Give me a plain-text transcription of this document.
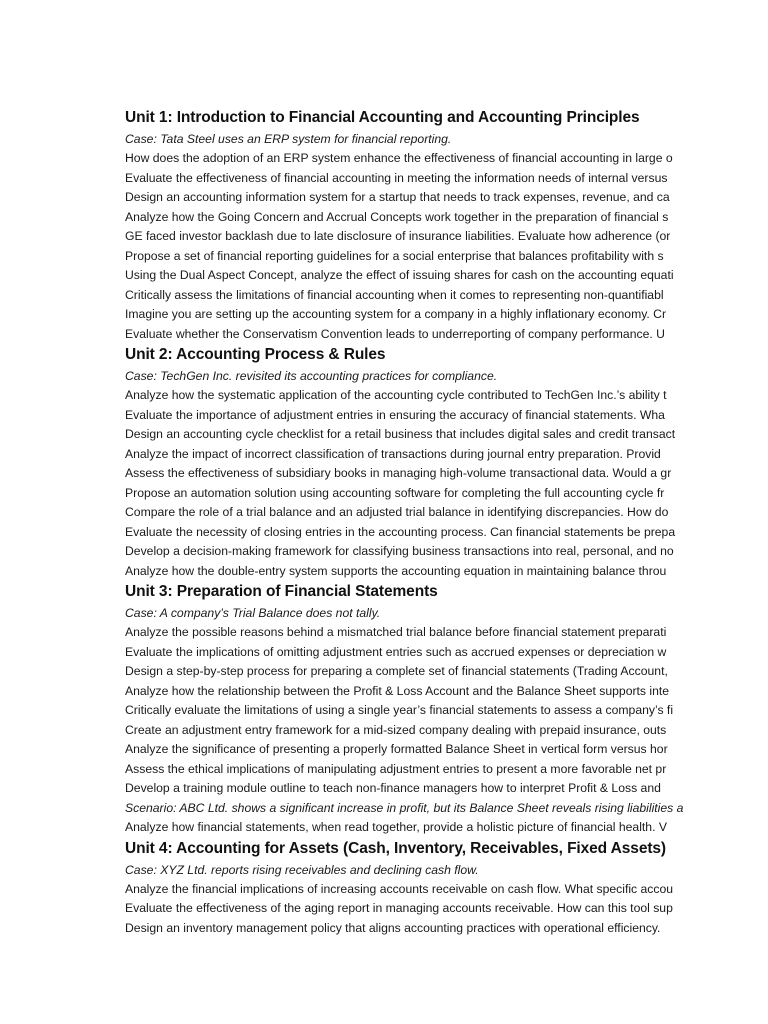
Unit 1: Introduction to Financial Accounting and Accounting Principles
Case: Tata Steel uses an ERP system for financial reporting.
How does the adoption of an ERP system enhance the effectiveness of financial accounting in large o
Evaluate the effectiveness of financial accounting in meeting the information needs of internal versus
Design an accounting information system for a startup that needs to track expenses, revenue, and ca
Analyze how the Going Concern and Accrual Concepts work together in the preparation of financial s
GE faced investor backlash due to late disclosure of insurance liabilities. Evaluate how adherence (or
Propose a set of financial reporting guidelines for a social enterprise that balances profitability with s
Using the Dual Aspect Concept, analyze the effect of issuing shares for cash on the accounting equati
Critically assess the limitations of financial accounting when it comes to representing non-quantifiabl
Imagine you are setting up the accounting system for a company in a highly inflationary economy. Cr
Evaluate whether the Conservatism Convention leads to underreporting of company performance. U
Unit 2: Accounting Process & Rules
Case: TechGen Inc. revisited its accounting practices for compliance.
Analyze how the systematic application of the accounting cycle contributed to TechGen Inc.’s ability t
Evaluate the importance of adjustment entries in ensuring the accuracy of financial statements. Wha
Design an accounting cycle checklist for a retail business that includes digital sales and credit transact
Analyze the impact of incorrect classification of transactions during journal entry preparation. Provid
Assess the effectiveness of subsidiary books in managing high-volume transactional data. Would a gr
Propose an automation solution using accounting software for completing the full accounting cycle fr
Compare the role of a trial balance and an adjusted trial balance in identifying discrepancies. How do
Evaluate the necessity of closing entries in the accounting process. Can financial statements be prepa
Develop a decision-making framework for classifying business transactions into real, personal, and no
Analyze how the double-entry system supports the accounting equation in maintaining balance throu
Unit 3: Preparation of Financial Statements
Case: A company’s Trial Balance does not tally.
Analyze the possible reasons behind a mismatched trial balance before financial statement preparati
Evaluate the implications of omitting adjustment entries such as accrued expenses or depreciation w
Design a step-by-step process for preparing a complete set of financial statements (Trading Account,
Analyze how the relationship between the Profit & Loss Account and the Balance Sheet supports inte
Critically evaluate the limitations of using a single year’s financial statements to assess a company’s fi
Create an adjustment entry framework for a mid-sized company dealing with prepaid insurance, outs
Analyze the significance of presenting a properly formatted Balance Sheet in vertical form versus hor
Assess the ethical implications of manipulating adjustment entries to present a more favorable net pr
Develop a training module outline to teach non-finance managers how to interpret Profit & Loss and
Scenario: ABC Ltd. shows a significant increase in profit, but its Balance Sheet reveals rising liabilities a
Analyze how financial statements, when read together, provide a holistic picture of financial health. V
Unit 4: Accounting for Assets (Cash, Inventory, Receivables, Fixed Assets)
Case: XYZ Ltd. reports rising receivables and declining cash flow.
Analyze the financial implications of increasing accounts receivable on cash flow. What specific accou
Evaluate the effectiveness of the aging report in managing accounts receivable. How can this tool sup
Design an inventory management policy that aligns accounting practices with operational efficiency.
